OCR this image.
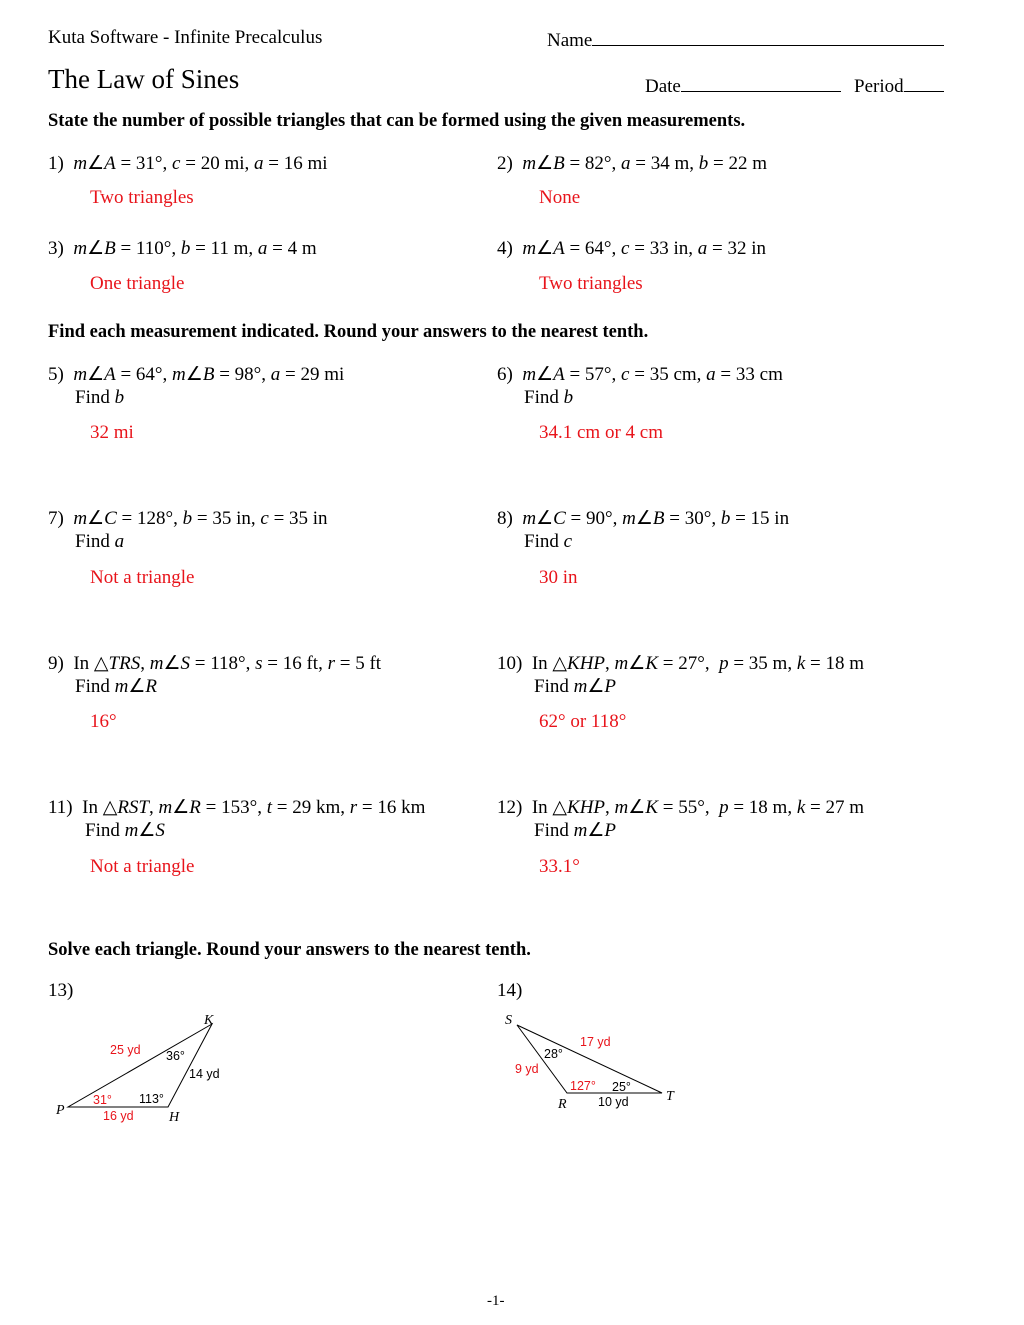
Kuta Software - Infinite Precalculus	Name
The Law of Sines	Date	Period
State the number of possible triangles that can be formed using the given measurements.
1) m∠A = 31°, c = 20 mi, a = 16 mi
Two triangles
2) m∠B = 82°, a = 34 m, b = 22 m
None
3) m∠B = 110°, b = 11 m, a = 4 m
One triangle
4) m∠A = 64°, c = 33 in, a = 32 in
Two triangles
Find each measurement indicated. Round your answers to the nearest tenth.
5) m∠A = 64°, m∠B = 98°, a = 29 mi
Find b
32 mi
6) m∠A = 57°, c = 35 cm, a = 33 cm
Find b
34.1 cm or 4 cm
7) m∠C = 128°, b = 35 in, c = 35 in
Find a
Not a triangle
8) m∠C = 90°, m∠B = 30°, b = 15 in
Find c
30 in
9)  In △TRS, m∠S = 118°, s = 16 ft, r = 5 ft
Find m∠R
16°
10)  In △KHP, m∠K = 27°,  p = 35 m, k = 18 m
Find m∠P
62° or 118°
11)  In △RST, m∠R = 153°, t = 29 km, r = 16 km
Find m∠S
Not a triangle
12)  In △KHP, m∠K = 55°,  p = 18 m, k = 27 m
Find m∠P
33.1°
Solve each triangle. Round your answers to the nearest tenth.
13)	14)
K
P	H
25 yd 36°
14 yd
31° 113°
16 yd
S
R
T
17 yd
28°
9 yd
127° 25°
10 yd
-1-
